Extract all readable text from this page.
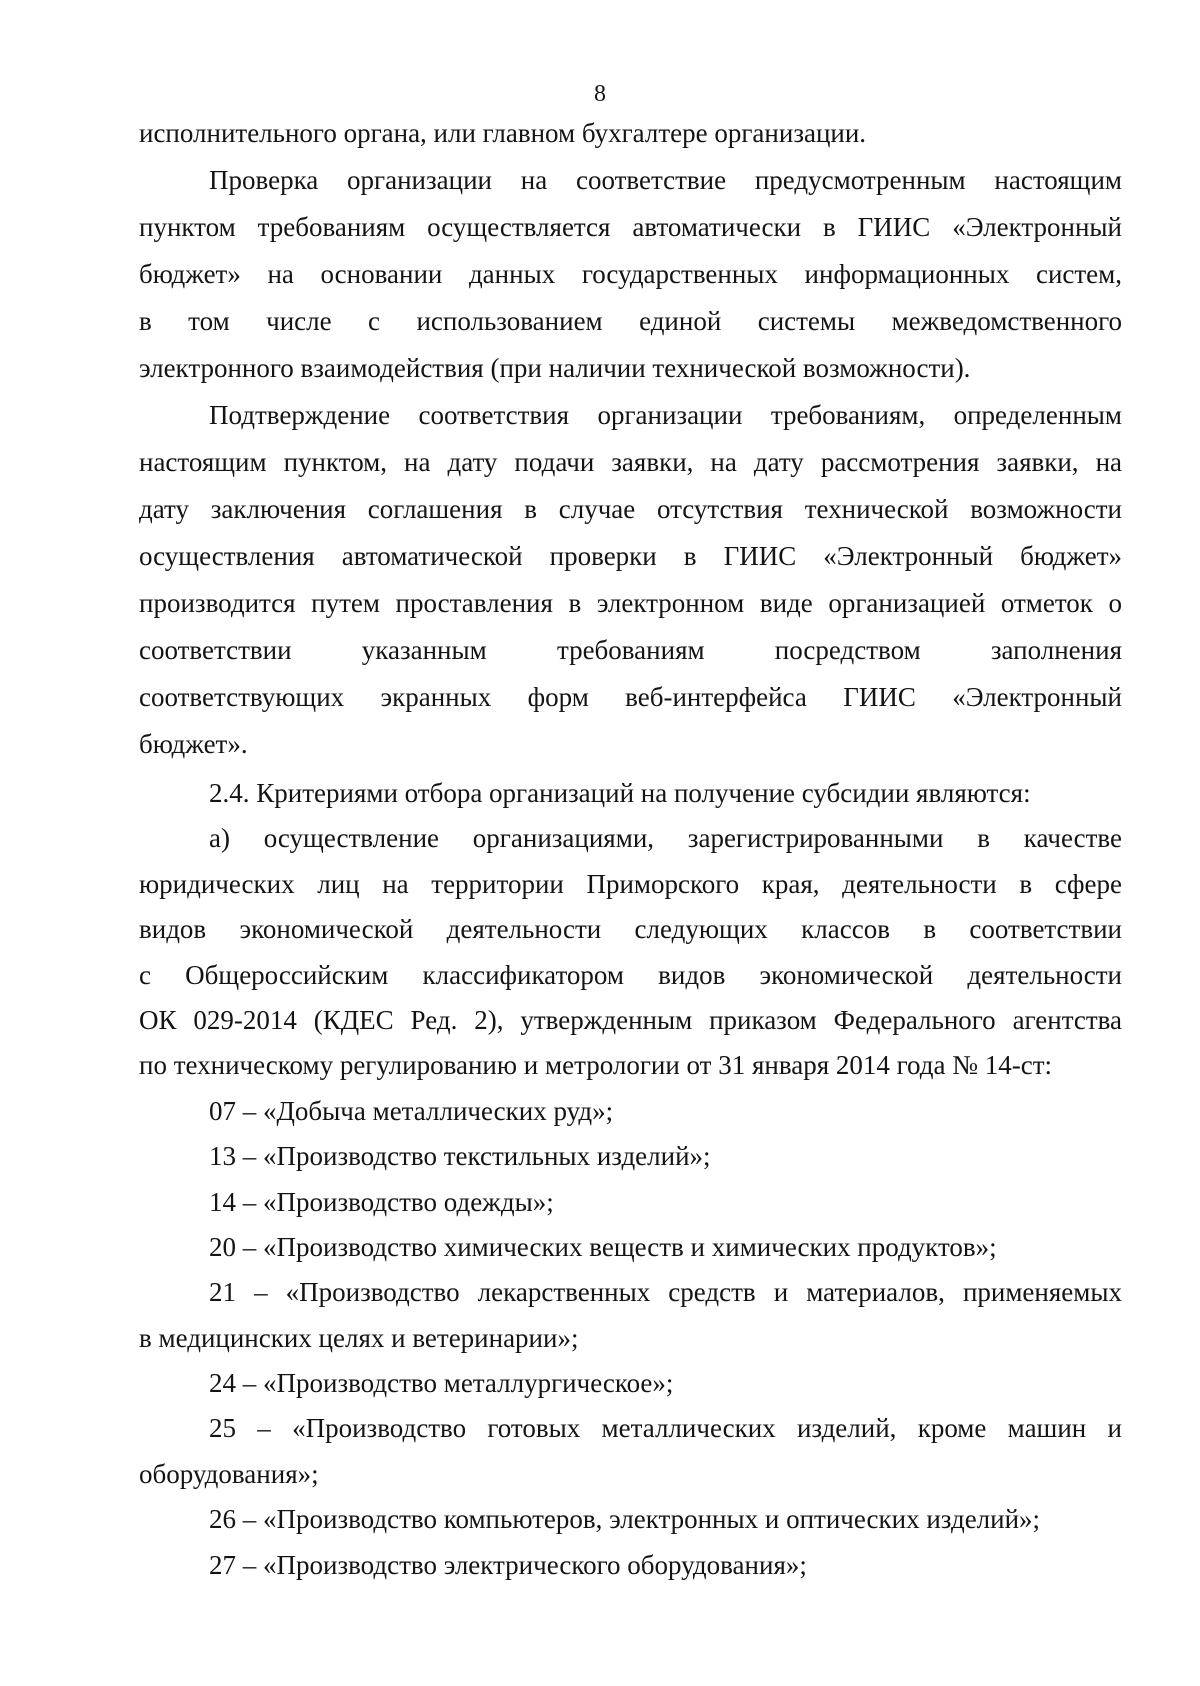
8
исполнительного органа, или главном бухгалтере организации.
Проверка организации на соответствие предусмотренным настоящим
пунктом требованиям осуществляется автоматически в ГИИС «Электронный
бюджет» на основании данных государственных информационных систем,
в том числе с использованием единой системы межведомственного
электронного взаимодействия (при наличии технической возможности).
Подтверждение соответствия организации требованиям, определенным
настоящим пунктом, на дату подачи заявки, на дату рассмотрения заявки, на
дату заключения соглашения в случае отсутствия технической возможности
осуществления автоматической проверки в ГИИС «Электронный бюджет»
производится путем проставления в электронном виде организацией отметок о
соответствии указанным требованиям посредством заполнения
соответствующих экранных форм веб-интерфейса ГИИС «Электронный
бюджет».
2.4. Критериями отбора организаций на получение субсидии являются:
а) осуществление организациями, зарегистрированными в качестве
юридических лиц на территории Приморского края, деятельности в сфере
видов экономической деятельности следующих классов в соответствии
с Общероссийским классификатором видов экономической деятельности
ОК 029-2014 (КДЕС Ред. 2), утвержденным приказом Федерального агентства
по техническому регулированию и метрологии от 31 января 2014 года № 14-ст:
07 – «Добыча металлических руд»;
13 – «Производство текстильных изделий»;
14 – «Производство одежды»;
20 – «Производство химических веществ и химических продуктов»;
21 – «Производство лекарственных средств и материалов, применяемых
в медицинских целях и ветеринарии»;
24 – «Производство металлургическое»;
25 – «Производство готовых металлических изделий, кроме машин и
оборудования»;
26 – «Производство компьютеров, электронных и оптических изделий»;
27 – «Производство электрического оборудования»;
